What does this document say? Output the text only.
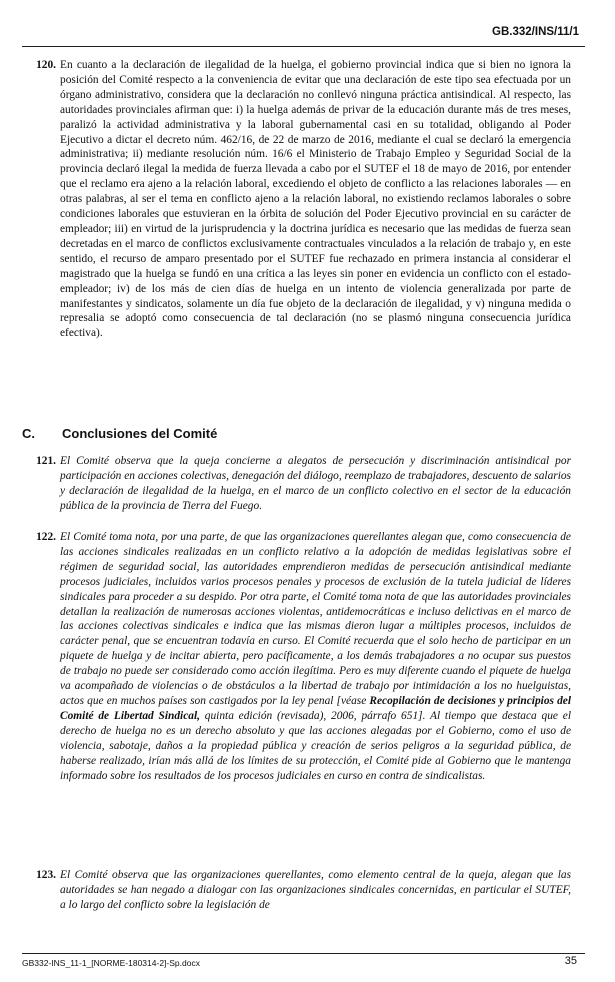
GB.332/INS/11/1
120. En cuanto a la declaración de ilegalidad de la huelga, el gobierno provincial indica que si bien no ignora la posición del Comité respecto a la conveniencia de evitar que una declaración de este tipo sea efectuada por un órgano administrativo, considera que la declaración no conllevó ninguna práctica antisindical. Al respecto, las autoridades provinciales afirman que: i) la huelga además de privar de la educación durante más de tres meses, paralizó la actividad administrativa y la laboral gubernamental casi en su totalidad, obligando al Poder Ejecutivo a dictar el decreto núm. 462/16, de 22 de marzo de 2016, mediante el cual se declaró la emergencia administrativa; ii) mediante resolución núm. 16/6 el Ministerio de Trabajo Empleo y Seguridad Social de la provincia declaró ilegal la medida de fuerza llevada a cabo por el SUTEF el 18 de mayo de 2016, por entender que el reclamo era ajeno a la relación laboral, excediendo el objeto de conflicto a las relaciones laborales — en otras palabras, al ser el tema en conflicto ajeno a la relación laboral, no existiendo reclamos laborales o sobre condiciones laborales que estuvieran en la órbita de solución del Poder Ejecutivo provincial en su carácter de empleador; iii) en virtud de la jurisprudencia y la doctrina jurídica es necesario que las medidas de fuerza sean decretadas en el marco de conflictos exclusivamente contractuales vinculados a la relación de trabajo y, en este sentido, el recurso de amparo presentado por el SUTEF fue rechazado en primera instancia al considerar el magistrado que la huelga se fundó en una crítica a las leyes sin poner en evidencia un conflicto con el estado-empleador; iv) de los más de cien días de huelga en un intento de violencia generalizada por parte de manifestantes y sindicatos, solamente un día fue objeto de la declaración de ilegalidad, y v) ninguna medida o represalia se adoptó como consecuencia de tal declaración (no se plasmó ninguna consecuencia jurídica efectiva).
C. Conclusiones del Comité
121. El Comité observa que la queja concierne a alegatos de persecución y discriminación antisindical por participación en acciones colectivas, denegación del diálogo, reemplazo de trabajadores, descuento de salarios y declaración de ilegalidad de la huelga, en el marco de un conflicto colectivo en el sector de la educación pública de la provincia de Tierra del Fuego.
122. El Comité toma nota, por una parte, de que las organizaciones querellantes alegan que, como consecuencia de las acciones sindicales realizadas en un conflicto relativo a la adopción de medidas legislativas sobre el régimen de seguridad social, las autoridades emprendieron medidas de persecución antisindical mediante procesos judiciales, incluidos varios procesos penales y procesos de exclusión de la tutela judicial de líderes sindicales para proceder a su despido. Por otra parte, el Comité toma nota de que las autoridades provinciales detallan la realización de numerosas acciones violentas, antidemocráticas e incluso delictivas en el marco de las acciones colectivas sindicales e indica que las mismas dieron lugar a múltiples procesos, incluidos de carácter penal, que se encuentran todavía en curso. El Comité recuerda que el solo hecho de participar en un piquete de huelga y de incitar abierta, pero pacíficamente, a los demás trabajadores a no ocupar sus puestos de trabajo no puede ser considerado como acción ilegítima. Pero es muy diferente cuando el piquete de huelga va acompañado de violencias o de obstáculos a la libertad de trabajo por intimidación a los no huelguistas, actos que en muchos países son castigados por la ley penal [véase Recopilación de decisiones y principios del Comité de Libertad Sindical, quinta edición (revisada), 2006, párrafo 651]. Al tiempo que destaca que el derecho de huelga no es un derecho absoluto y que las acciones alegadas por el Gobierno, como el uso de violencia, sabotaje, daños a la propiedad pública y creación de serios peligros a la seguridad pública, de haberse realizado, irían más allá de los límites de su protección, el Comité pide al Gobierno que le mantenga informado sobre los resultados de los procesos judiciales en curso en contra de sindicalistas.
123. El Comité observa que las organizaciones querellantes, como elemento central de la queja, alegan que las autoridades se han negado a dialogar con las organizaciones sindicales concernidas, en particular el SUTEF, a lo largo del conflicto sobre la legislación de
GB332-INS_11-1_[NORME-180314-2]-Sp.docx	35
